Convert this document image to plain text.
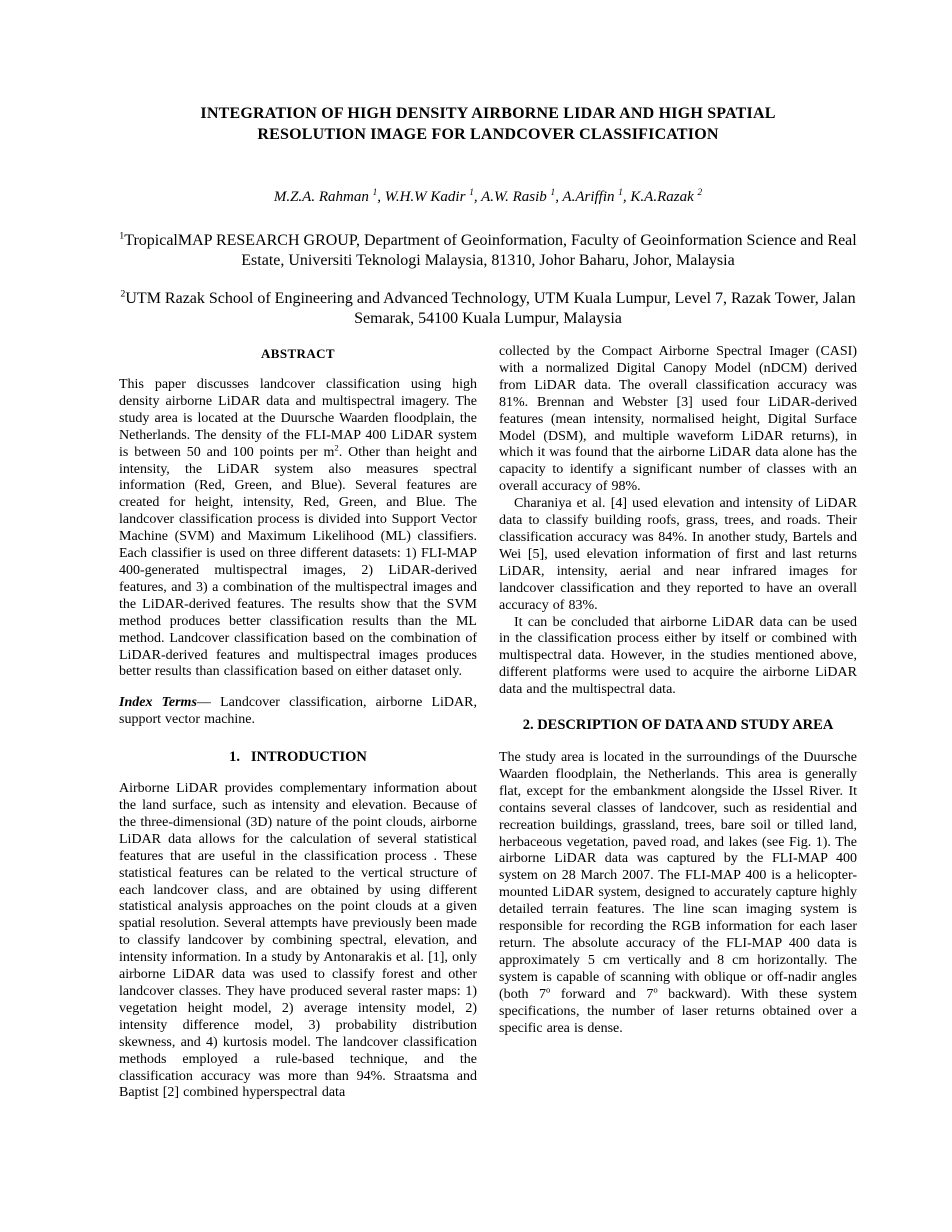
INTEGRATION OF HIGH DENSITY AIRBORNE LIDAR AND HIGH SPATIAL
RESOLUTION IMAGE FOR LANDCOVER CLASSIFICATION
M.Z.A. Rahman $^1$, W.H.W Kadir $^1$, A.W. Rasib $^1$, A.Ariffin $^1$, K.A.Razak $^2$
$^1$TropicalMAP RESEARCH GROUP, Department of Geoinformation, Faculty of Geoinformation Science and Real Estate, Universiti Teknologi Malaysia, 81310, Johor Baharu, Johor, Malaysia
$^2$UTM Razak School of Engineering and Advanced Technology, UTM Kuala Lumpur, Level 7, Razak Tower, Jalan Semarak, 54100 Kuala Lumpur, Malaysia
ABSTRACT

This paper discusses landcover classification using high density airborne LiDAR data and multispectral imagery. The study area is located at the Duursche Waarden floodplain, the Netherlands. The density of the FLI-MAP 400 LiDAR system is between 50 and 100 points per $m^2$. Other than height and intensity, the LiDAR system also measures spectral information (Red, Green, and Blue). Several features are created for height, intensity, Red, Green, and Blue. The landcover classification process is divided into Support Vector Machine (SVM) and Maximum Likelihood (ML) classifiers. Each classifier is used on three different datasets: 1) FLI-MAP 400-generated multispectral images, 2) LiDAR-derived features, and 3) a combination of the multispectral images and the LiDAR-derived features. The results show that the SVM method produces better classification results than the ML method. Landcover classification based on the combination of LiDAR-derived features and multispectral images produces better results than classification based on either dataset only.

Index Terms— Landcover classification, airborne LiDAR, support vector machine.

1.   INTRODUCTION

Airborne LiDAR provides complementary information about the land surface, such as intensity and elevation. Because of the three-dimensional (3D) nature of the point clouds, airborne LiDAR data allows for the calculation of several statistical features that are useful in the classification process . These statistical features can be related to the vertical structure of each landcover class, and are obtained by using different statistical analysis approaches on the point clouds at a given spatial resolution. Several attempts have previously been made to classify landcover by combining spectral, elevation, and intensity information. In a study by Antonarakis et al. [1], only airborne LiDAR data was used to classify forest and other landcover classes. They have produced several raster maps: 1) vegetation height model, 2) average intensity model, 2) intensity difference model, 3) probability distribution skewness, and 4) kurtosis model. The landcover classification methods employed a rule-based technique, and the classification accuracy was more than 94%. Straatsma and Baptist [2] combined hyperspectral data

collected by the Compact Airborne Spectral Imager (CASI) with a normalized Digital Canopy Model (nDCM) derived from LiDAR data. The overall classification accuracy was 81%. Brennan and Webster [3] used four LiDAR-derived features (mean intensity, normalised height, Digital Surface Model (DSM), and multiple waveform LiDAR returns), in which it was found that the airborne LiDAR data alone has the capacity to identify a significant number of classes with an overall accuracy of 98%.

Charaniya et al. [4] used elevation and intensity of LiDAR data to classify building roofs, grass, trees, and roads. Their classification accuracy was 84%. In another study, Bartels and Wei [5], used elevation information of first and last returns LiDAR, intensity, aerial and near infrared images for landcover classification and they reported to have an overall accuracy of 83%.

It can be concluded that airborne LiDAR data can be used in the classification process either by itself or combined with multispectral data. However, in the studies mentioned above, different platforms were used to acquire the airborne LiDAR data and the multispectral data.

2. DESCRIPTION OF DATA AND STUDY AREA

The study area is located in the surroundings of the Duursche Waarden floodplain, the Netherlands. This area is generally flat, except for the embankment alongside the IJssel River. It contains several classes of landcover, such as residential and recreation buildings, grassland, trees, bare soil or tilled land, herbaceous vegetation, paved road, and lakes (see Fig. 1). The airborne LiDAR data was captured by the FLI-MAP 400 system on 28 March 2007. The FLI-MAP 400 is a helicopter-mounted LiDAR system, designed to accurately capture highly detailed terrain features. The line scan imaging system is responsible for recording the RGB information for each laser return. The absolute accuracy of the FLI-MAP 400 data is approximately 5 cm vertically and 8 cm horizontally. The system is capable of scanning with oblique or off-nadir angles (both 7$^o$ forward and 7$^o$ backward). With these system specifications, the number of laser returns obtained over a specific area is dense.
